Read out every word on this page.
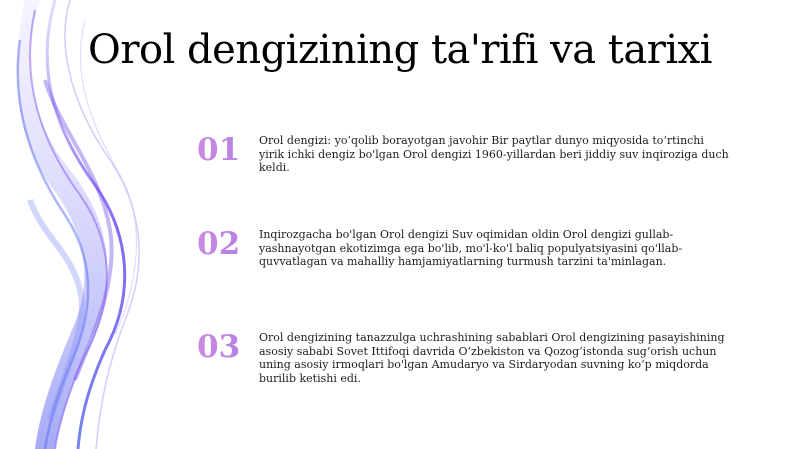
Orol dengizining ta'rifi va tarixi
01	Orol dengizi: yo‘qolib borayotgan javohir Bir paytlar dunyo miqyosida to‘rtinchi yirik ichki dengiz bo'lgan Orol dengizi 1960-yillardan beri jiddiy suv inqiroziga duch keldi.
02	Inqirozgacha bo'lgan Orol dengizi Suv oqimidan oldin Orol dengizi gullab-yashnayotgan ekotizimga ega bo'lib, mo'l-ko'l baliq populyatsiyasini qo'llab-quvvatlagan va mahalliy hamjamiyatlarning turmush tarzini ta'minlagan.
03	Orol dengizining tanazzulga uchrashining sabablari Orol dengizining pasayishining asosiy sababi Sovet Ittifoqi davrida O‘zbekiston va Qozog‘istonda sug‘orish uchun uning asosiy irmoqlari bo'lgan Amudaryo va Sirdaryodan suvning ko‘p miqdorda burilib ketishi edi.
